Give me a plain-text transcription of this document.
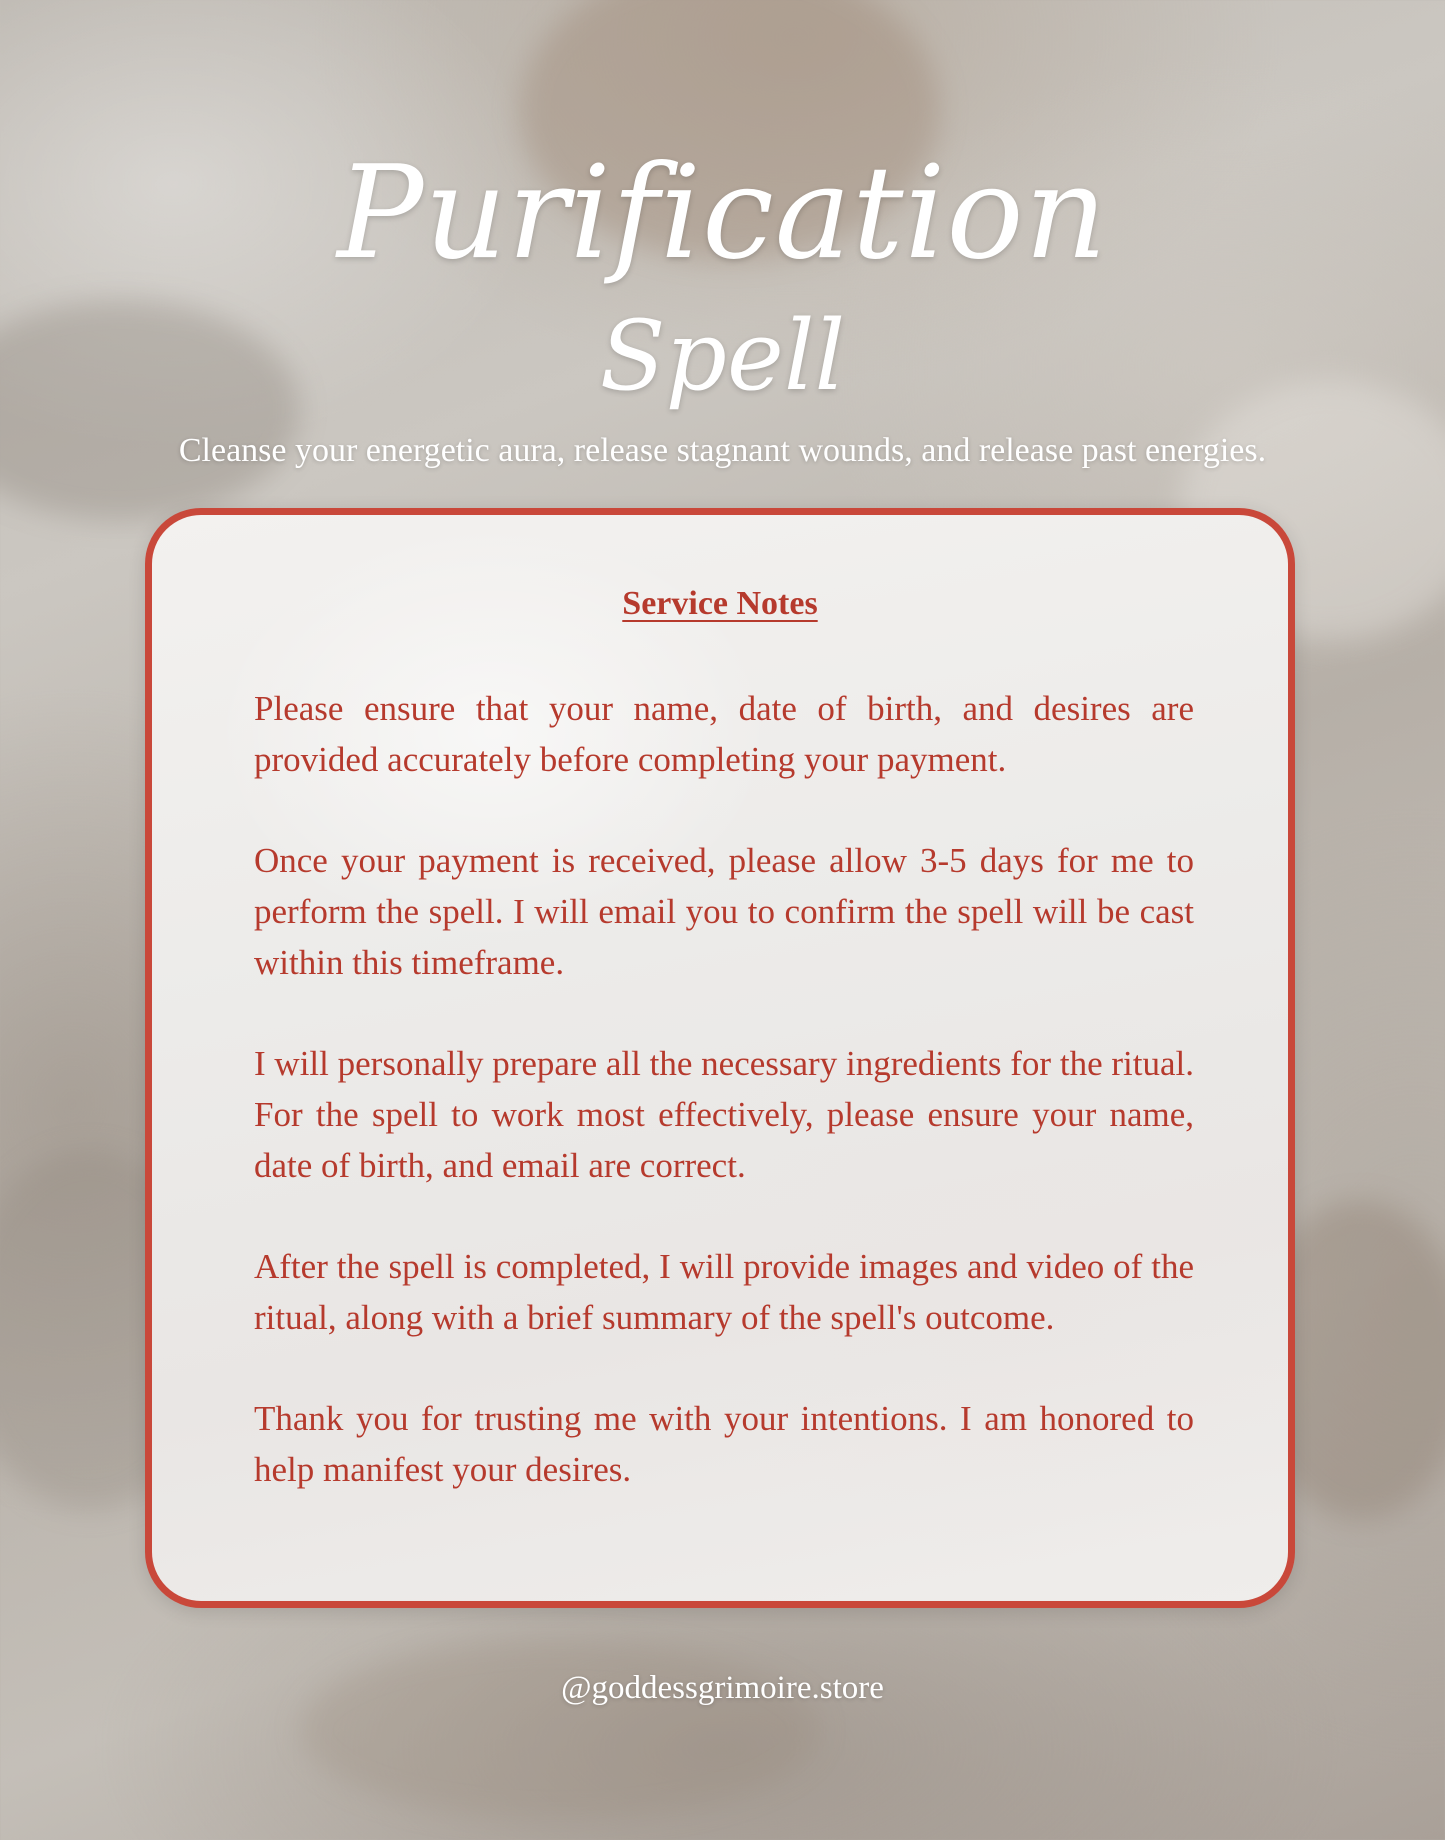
Purification
Spell

Cleanse your energetic aura, release stagnant wounds, and release past energies.

Service Notes

Please ensure that your name, date of birth, and desires are provided accurately before completing your payment.

Once your payment is received, please allow 3-5 days for me to perform the spell. I will email you to confirm the spell will be cast within this timeframe.

I will personally prepare all the necessary ingredients for the ritual. For the spell to work most effectively, please ensure your name, date of birth, and email are correct.

After the spell is completed, I will provide images and video of the ritual, along with a brief summary of the spell's outcome.

Thank you for trusting me with your intentions. I am honored to help manifest your desires.

@goddessgrimoire.store
